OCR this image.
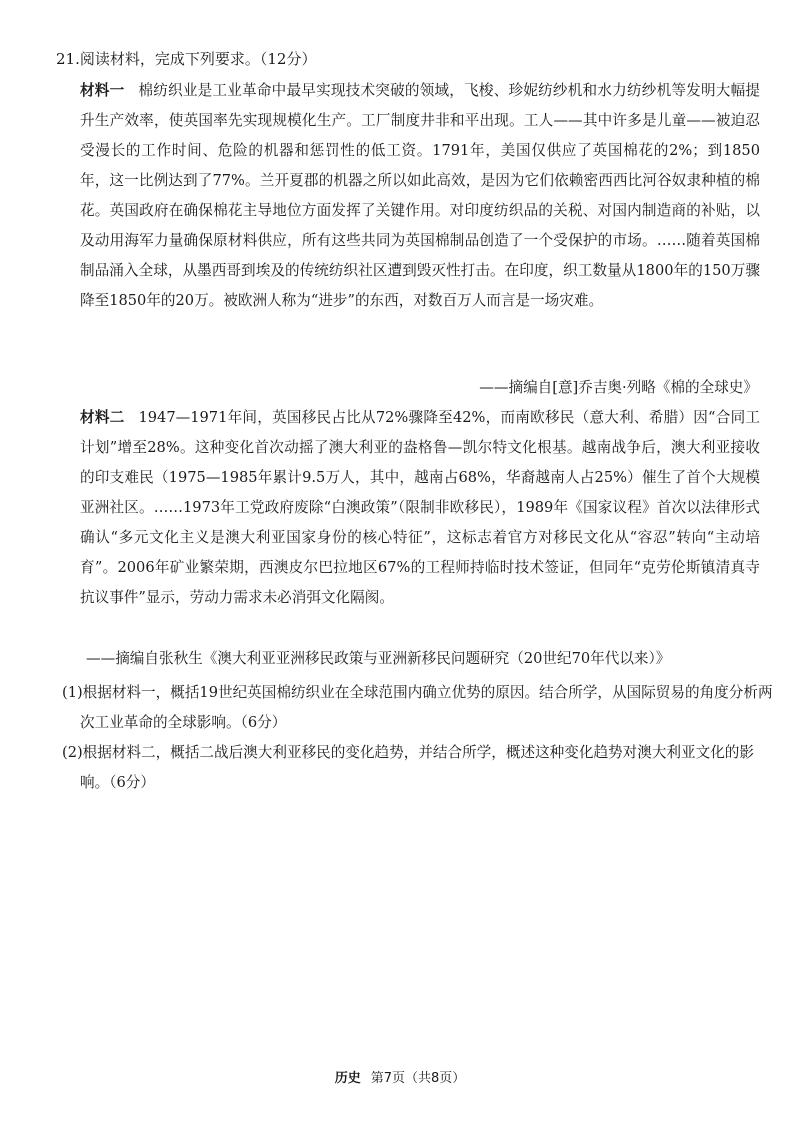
21.阅读材料，完成下列要求。（12分）
材料一 棉纺织业是工业革命中最早实现技术突破的领域，飞梭、珍妮纺纱机和水力纺纱机等发明大幅提升生产效率，使英国率先实现规模化生产。工厂制度井非和平出现。工人——其中许多是儿童——被迫忍受漫长的工作时间、危险的机器和惩罚性的低工资。1791年，美国仅供应了英国棉花的2%；到1850年，这一比例达到了77%。兰开夏郡的机器之所以如此高效，是因为它们依赖密西西比河谷奴隶种植的棉花。英国政府在确保棉花主导地位方面发挥了关键作用。对印度纺织品的关税、对国内制造商的补贴，以及动用海军力量确保原材料供应，所有这些共同为英国棉制品创造了一个受保护的市场。……随着英国棉制品涌入全球，从墨西哥到埃及的传统纺织社区遭到毁灭性打击。在印度，织工数量从1800年的150万骤降至1850年的20万。被欧洲人称为“进步”的东西，对数百万人而言是一场灾难。
——摘编自[意]乔吉奥·列略《棉的全球史》
材料二 1947—1971年间，英国移民占比从72%骤降至42%，而南欧移民（意大利、希腊）因“合同工计划”增至28%。这种变化首次动摇了澳大利亚的盎格鲁—凯尔特文化根基。越南战争后，澳大利亚接收的印支难民（1975—1985年累计9.5万人，其中，越南占68%，华裔越南人占25%）催生了首个大规模亚洲社区。……1973年工党政府废除“白澳政策”（限制非欧移民），1989年《国家议程》首次以法律形式确认“多元文化主义是澳大利亚国家身份的核心特征”，这标志着官方对移民文化从“容忍”转向“主动培育”。2006年矿业繁荣期，西澳皮尔巴拉地区67%的工程师持临时技术签证，但同年“克劳伦斯镇清真寺抗议事件”显示，劳动力需求未必消弭文化隔阂。
——摘编自张秋生《澳大利亚亚洲移民政策与亚洲新移民问题研究（20世纪70年代以来）》
(1)根据材料一，概括19世纪英国棉纺织业在全球范围内确立优势的原因。结合所学，从国际贸易的角度分析两次工业革命的全球影响。（6分）
(2)根据材料二，概括二战后澳大利亚移民的变化趋势，并结合所学，概述这种变化趋势对澳大利亚文化的影响。（6分）
历史 第7页（共8页）
